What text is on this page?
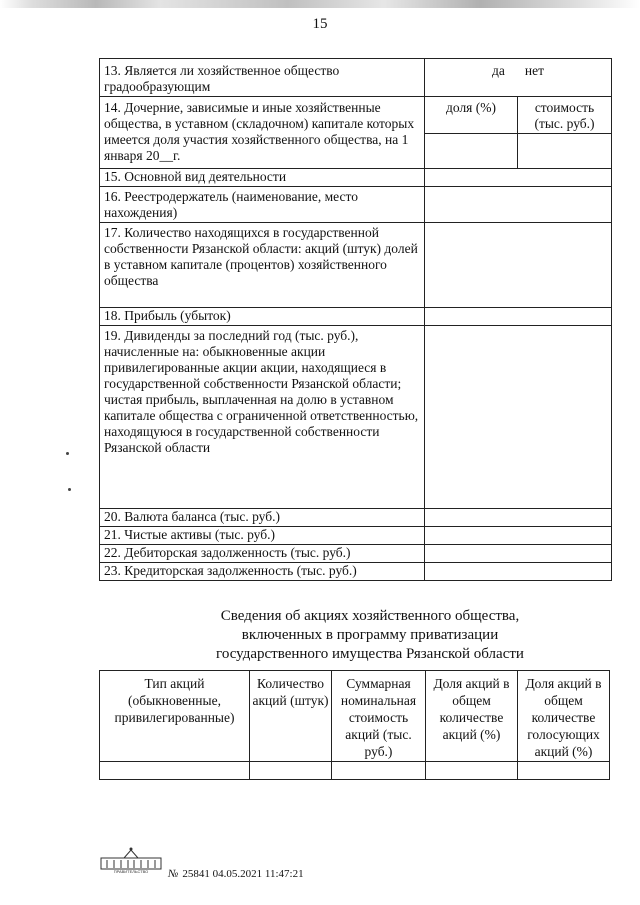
15
13. Является ли хозяйственное общество градообразующим	да нет	
14. Дочерние, зависимые и иные хозяйственные общества, в уставном (складочном) капитале которых имеется доля участия хозяйственного общества, на 1 января 20__г.	доля (%)	стоимость (тыс. руб.)

15. Основной вид деятельности		
16. Реестродержатель (наименование, место нахождения)		
17. Количество находящихся в государственной собственности Рязанской области: акций (штук) долей в уставном капитале (процентов) хозяйственного общества		
18. Прибыль (убыток)		
19. Дивиденды за последний год (тыс. руб.), начисленные на: обыкновенные акции привилегированные акции акции, находящиеся в государственной собственности Рязанской области; чистая прибыль, выплаченная на долю в уставном капитале общества с ограниченной ответственностью, находящуюся в государственной собственности Рязанской области		
20. Валюта баланса (тыс. руб.)		
21. Чистые активы (тыс. руб.)		
22. Дебиторская задолженность (тыс. руб.)		
23. Кредиторская задолженность (тыс. руб.)		
Сведения об акциях хозяйственного общества,
включенных в программу приватизации
государственного имущества Рязанской области
Тип акций (обыкновенные, привилегированные)	Количество акций (штук)	Суммарная номинальная стоимость акций (тыс. руб.)	Доля акций в общем количестве акций (%)	Доля акций в общем количестве голосующих акций (%)

ПРАВИТЕЛЬСТВО № 25841 04.05.2021 11:47:21
